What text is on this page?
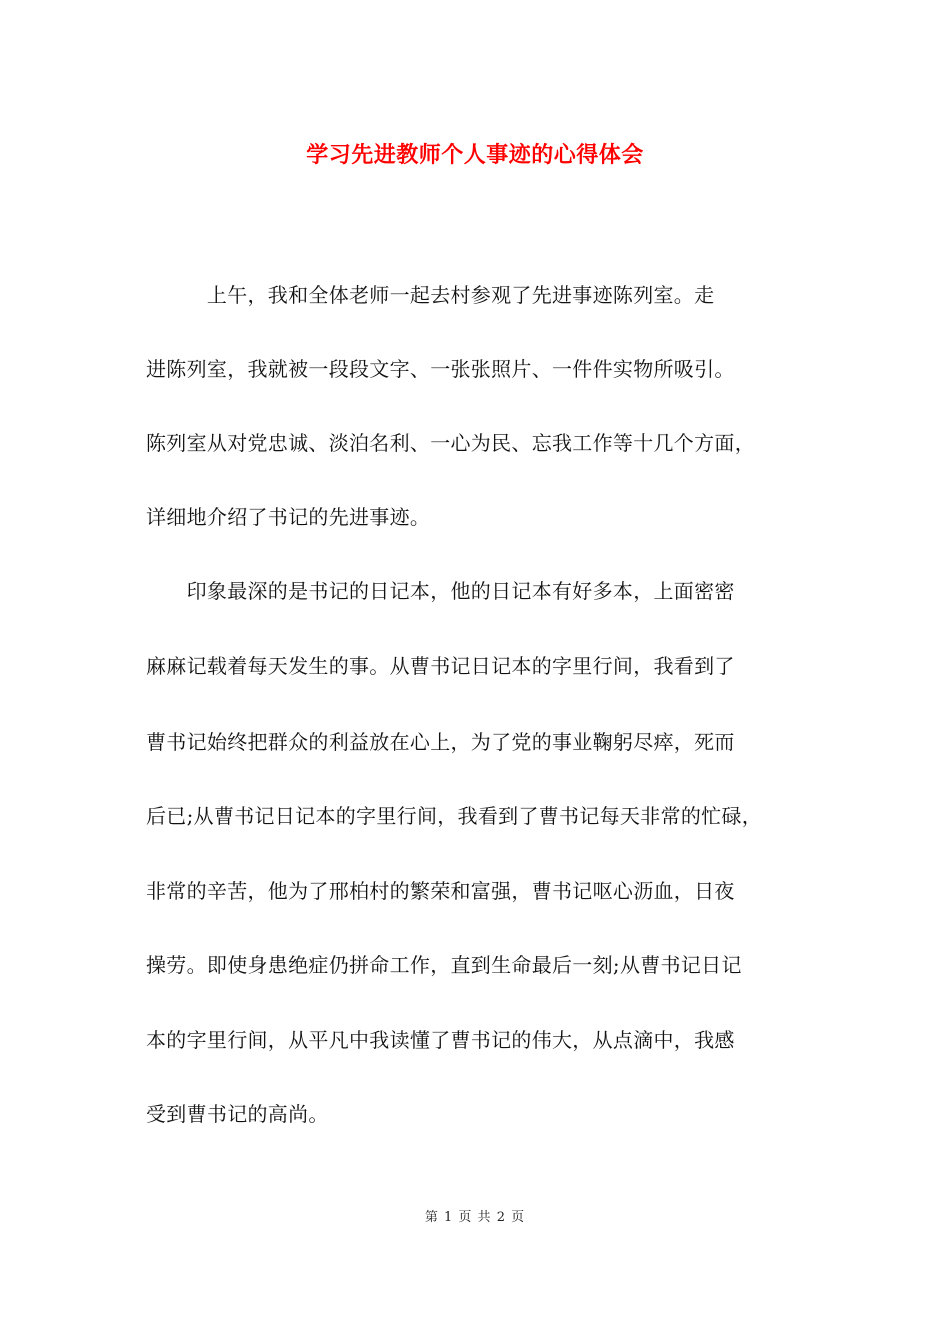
学习先进教师个人事迹的心得体会
　　　上午，我和全体老师一起去村参观了先进事迹陈列室。走
进陈列室，我就被一段段文字、一张张照片、一件件实物所吸引。
陈列室从对党忠诚、淡泊名利、一心为民、忘我工作等十几个方面，
详细地介绍了书记的先进事迹。
　　印象最深的是书记的日记本，他的日记本有好多本，上面密密
麻麻记载着每天发生的事。从曹书记日记本的字里行间，我看到了
曹书记始终把群众的利益放在心上，为了党的事业鞠躬尽瘁，死而
后已;从曹书记日记本的字里行间，我看到了曹书记每天非常的忙碌，
非常的辛苦，他为了邢柏村的繁荣和富强，曹书记呕心沥血，日夜
操劳。即使身患绝症仍拼命工作，直到生命最后一刻;从曹书记日记
本的字里行间，从平凡中我读懂了曹书记的伟大，从点滴中，我感
受到曹书记的高尚。
第 1 页 共 2 页
